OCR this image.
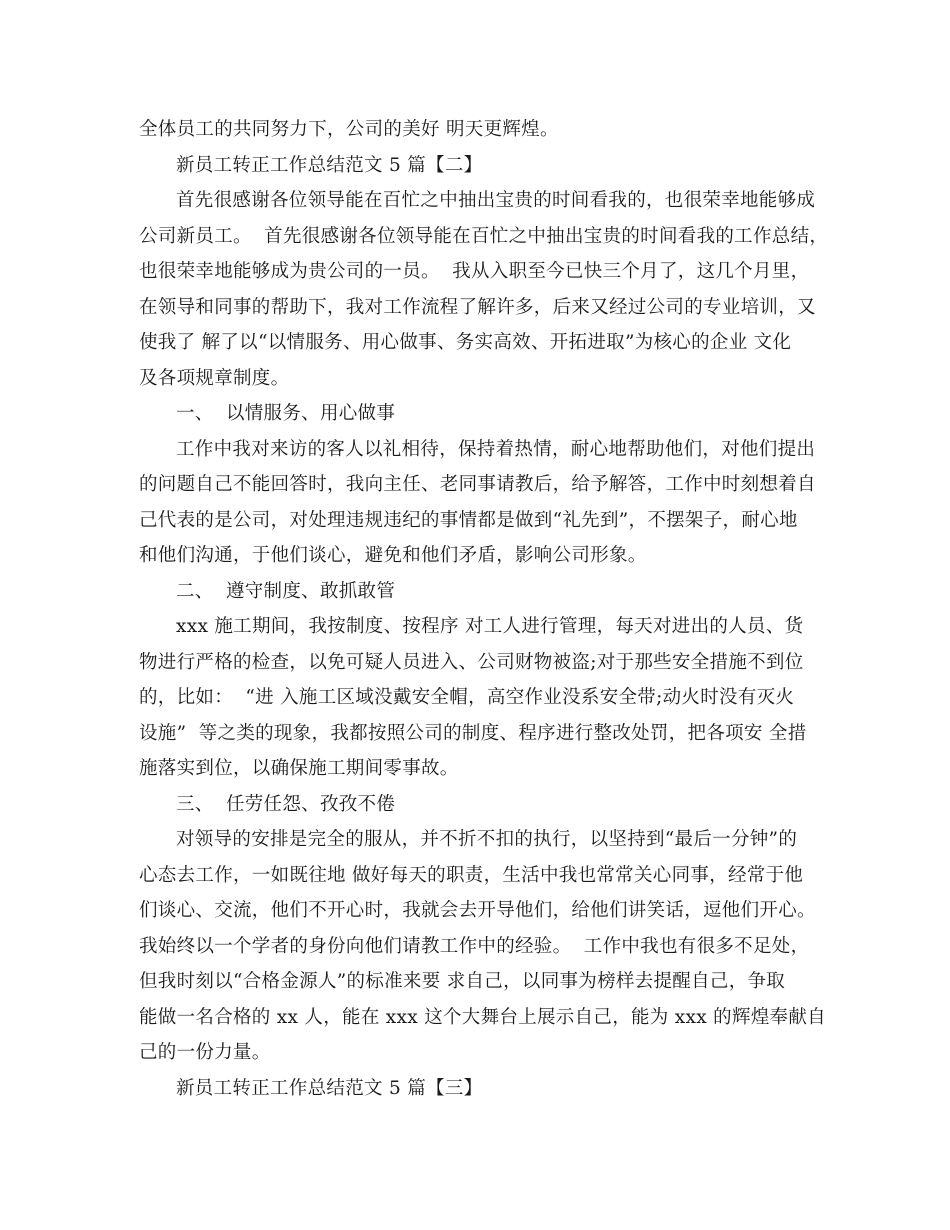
全体员工的共同努力下，公司的美好 明天更辉煌。
新员工转正工作总结范文 5 篇【二】
首先很感谢各位领导能在百忙之中抽出宝贵的时间看我的，也很荣幸地能够成
公司新员工。  首先很感谢各位领导能在百忙之中抽出宝贵的时间看我的工作总结，
也很荣幸地能够成为贵公司的一员。  我从入职至今已快三个月了，这几个月里，
在领导和同事的帮助下，我对工作流程了解许多，后来又经过公司的专业培训，又
使我了 解了以“以情服务、用心做事、务实高效、开拓进取”为核心的企业 文化
及各项规章制度。
一、  以情服务、用心做事
工作中我对来访的客人以礼相待，保持着热情，耐心地帮助他们，对他们提出
的问题自己不能回答时，我向主任、老同事请教后，给予解答，工作中时刻想着自
己代表的是公司，对处理违规违纪的事情都是做到“礼先到”，不摆架子，耐心地
和他们沟通，于他们谈心，避免和他们矛盾，影响公司形象。
二、  遵守制度、敢抓敢管
xxx 施工期间，我按制度、按程序 对工人进行管理，每天对进出的人员、货
物进行严格的检查，以免可疑人员进入、公司财物被盗;对于那些安全措施不到位
的，比如：  “进 入施工区域没戴安全帽，高空作业没系安全带;动火时没有灭火
设施”  等之类的现象，我都按照公司的制度、程序进行整改处罚，把各项安 全措
施落实到位，以确保施工期间零事故。
三、  任劳任怨、孜孜不倦
对领导的安排是完全的服从，并不折不扣的执行，以坚持到“最后一分钟”的
心态去工作，一如既往地 做好每天的职责，生活中我也常常关心同事，经常于他
们谈心、交流，他们不开心时，我就会去开导他们，给他们讲笑话，逗他们开心。
我始终以一个学者的身份向他们请教工作中的经验。  工作中我也有很多不足处，
但我时刻以“合格金源人”的标准来要 求自己，以同事为榜样去提醒自己，争取
能做一名合格的 xx 人，能在 xxx 这个大舞台上展示自己，能为 xxx 的辉煌奉献自
己的一份力量。
新员工转正工作总结范文 5 篇【三】
